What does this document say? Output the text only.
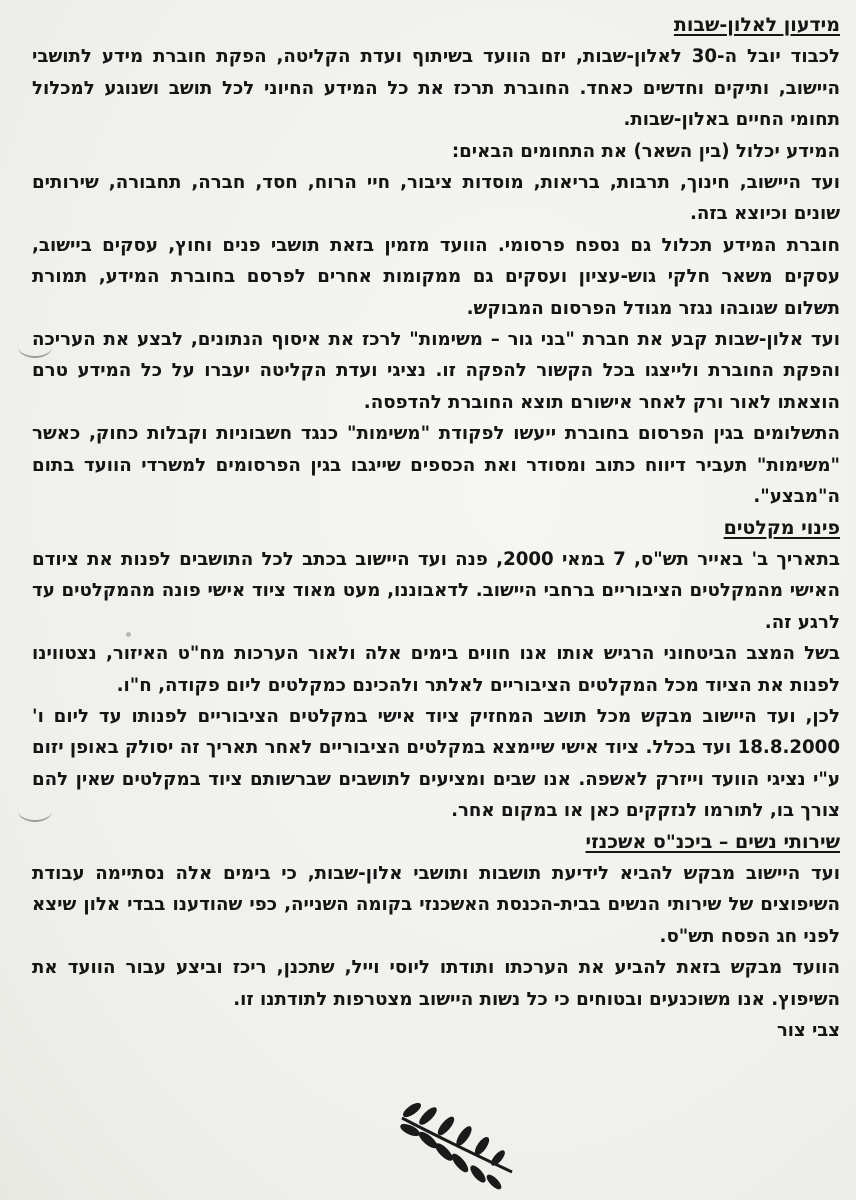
מידעון לאלון-שבות

לכבוד יובל ה-30 לאלון-שבות, יזם הוועד בשיתוף ועדת הקליטה, הפקת חוברת מידע לתושבי היישוב, ותיקים וחדשים כאחד. החוברת תרכז את כל המידע החיוני לכל תושב ושנוגע למכלול תחומי החיים באלון-שבות.

המידע יכלול (בין השאר) את התחומים הבאים:

ועד היישוב, חינוך, תרבות, בריאות, מוסדות ציבור, חיי הרוח, חסד, חברה, תחבורה, שירותים שונים וכיוצא בזה.

חוברת המידע תכלול גם נספח פרסומי. הוועד מזמין בזאת תושבי פנים וחוץ, עסקים ביישוב, עסקים משאר חלקי גוש-עציון ועסקים גם ממקומות אחרים לפרסם בחוברת המידע, תמורת תשלום שגובהו נגזר מגודל הפרסום המבוקש.

ועד אלון-שבות קבע את חברת "בני גור – משימות" לרכז את איסוף הנתונים, לבצע את העריכה והפקת החוברת ולייצגו בכל הקשור להפקה זו. נציגי ועדת הקליטה יעברו על כל המידע טרם הוצאתו לאור ורק לאחר אישורם תוצא החוברת להדפסה.

התשלומים בגין הפרסום בחוברת ייעשו לפקודת "משימות" כנגד חשבוניות וקבלות כחוק, כאשר "משימות" תעביר דיווח כתוב ומסודר ואת הכספים שייגבו בגין הפרסומים למשרדי הוועד בתום ה"מבצע".

פינוי מקלטים

בתאריך ב' באייר תש"ס, 7 במאי 2000, פנה ועד היישוב בכתב לכל התושבים לפנות את ציודם האישי מהמקלטים הציבוריים ברחבי היישוב. לדאבוננו, מעט מאוד ציוד אישי פונה מהמקלטים עד לרגע זה.

בשל המצב הביטחוני הרגיש אותו אנו חווים בימים אלה ולאור הערכות מח"ט האיזור, נצטווינו לפנות את הציוד מכל המקלטים הציבוריים לאלתר ולהכינם כמקלטים ליום פקודה, ח"ו.

לכן, ועד היישוב מבקש מכל תושב המחזיק ציוד אישי במקלטים הציבוריים לפנותו עד ליום ו' 18.8.2000 ועד בכלל. ציוד אישי שיימצא במקלטים הציבוריים לאחר תאריך זה יסולק באופן יזום ע"י נציגי הוועד וייזרק לאשפה. אנו שבים ומציעים לתושבים שברשותם ציוד במקלטים שאין להם צורך בו, לתורמו לנזקקים כאן או במקום אחר.

שירותי נשים – ביכנ"ס אשכנזי

ועד היישוב מבקש להביא לידיעת תושבות ותושבי אלון-שבות, כי בימים אלה נסתיימה עבודת השיפוצים של שירותי הנשים בבית-הכנסת האשכנזי בקומה השנייה, כפי שהודענו בבדי אלון שיצא לפני חג הפסח תש"ס.

הוועד מבקש בזאת להביע את הערכתו ותודתו ליוסי וייל, שתכנן, ריכז וביצע עבור הוועד את השיפוץ. אנו משוכנעים ובטוחים כי כל נשות היישוב מצטרפות לתודתנו זו.

צבי צור
